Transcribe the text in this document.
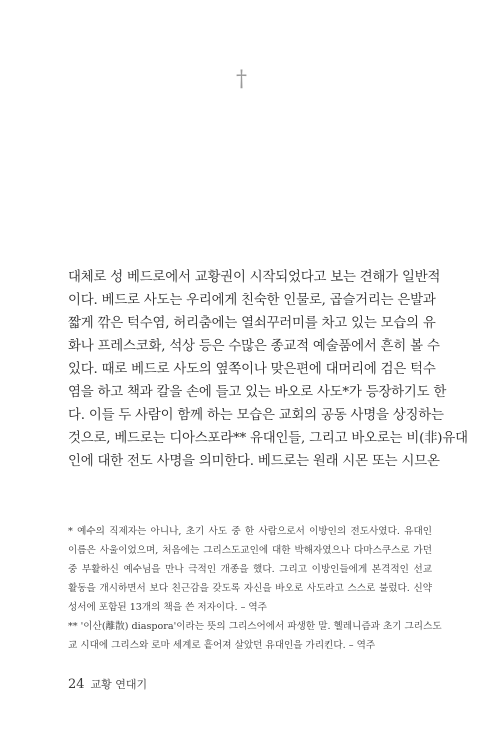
†
대체로 성 베드로에서 교황권이 시작되었다고 보는 견해가 일반적
이다. 베드로 사도는 우리에게 친숙한 인물로, 곱슬거리는 은발과
짧게 깎은 턱수염, 허리춤에는 열쇠꾸러미를 차고 있는 모습의 유
화나 프레스코화, 석상 등은 수많은 종교적 예술품에서 흔히 볼 수
있다. 때로 베드로 사도의 옆쪽이나 맞은편에 대머리에 검은 턱수
염을 하고 책과 칼을 손에 들고 있는 바오로 사도*가 등장하기도 한
다. 이들 두 사람이 함께 하는 모습은 교회의 공동 사명을 상징하는
것으로, 베드로는 디아스포라** 유대인들, 그리고 바오로는 비(非)유대
인에 대한 전도 사명을 의미한다. 베드로는 원래 시몬 또는 시므온
* 예수의 직제자는 아니나, 초기 사도 중 한 사람으로서 이방인의 전도사였다. 유대인
이름은 사울이었으며, 처음에는 그리스도교인에 대한 박해자였으나 다마스쿠스로 가던
중 부활하신 예수님을 만나 극적인 개종을 했다. 그리고 이방인들에게 본격적인 선교
활동을 개시하면서 보다 친근감을 갖도록 자신을 바오로 사도라고 스스로 불렀다. 신약
성서에 포함된 13개의 책을 쓴 저자이다. – 역주
** '이산(離散) diaspora'이라는 뜻의 그리스어에서 파생한 말. 헬레니즘과 초기 그리스도
교 시대에 그리스와 로마 세계로 흩어져 살았던 유대인을 가리킨다. – 역주
24 교황 연대기
